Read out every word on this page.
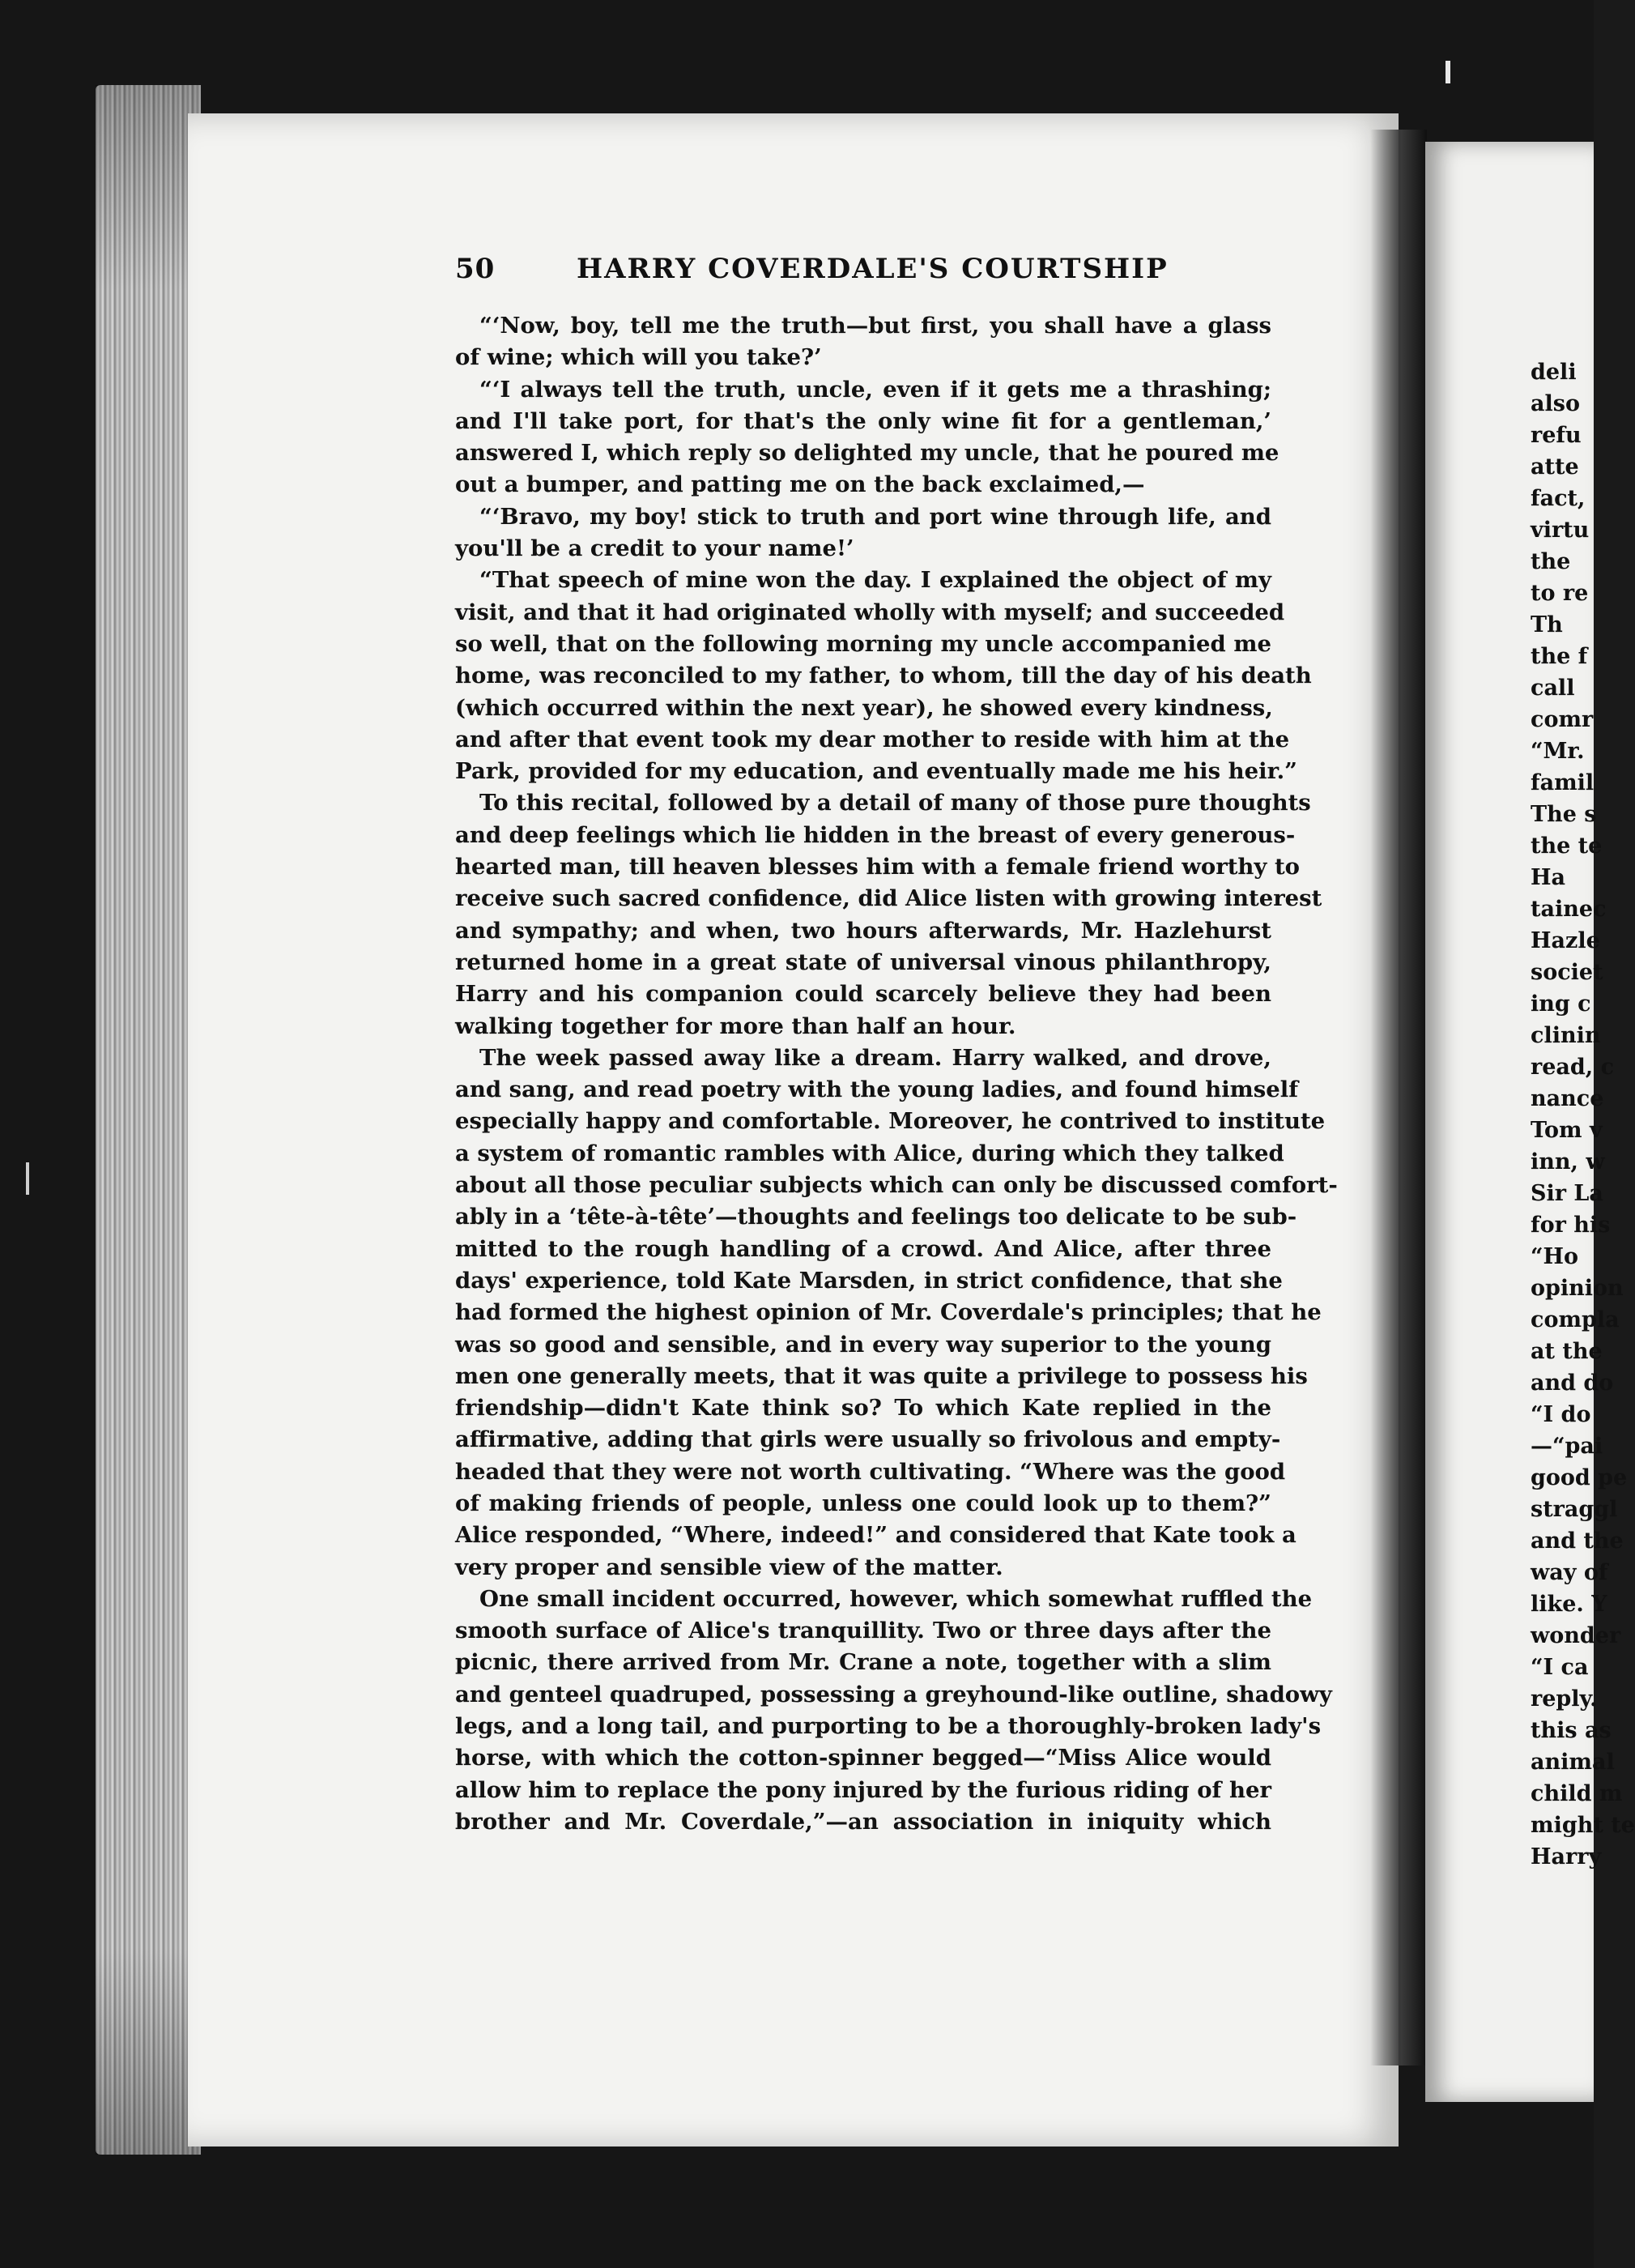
deli
also
refu
atte
fact,
virtu
the
to re
Th
the f
call
comr
“Mr.
famil
The s
the te
Ha
tainec
Hazle
societ
ing c
clinin
read, c
nance
Tom v
inn, w
Sir La
for his
“Ho
opinion
compla
at the
and do
“I do
—“pai
good pe
straggl
and the
way of
like. Y
wonder
“I ca
reply.
this as
animal
child m
might te
Harry
50	HARRY COVERDALE'S COURTSHIP
“‘Now, boy, tell me the truth—but first, you shall have a glass
of wine; which will you take?’
“‘I always tell the truth, uncle, even if it gets me a thrashing;
and I'll take port, for that's the only wine fit for a gentleman,’
answered I, which reply so delighted my uncle, that he poured me
out a bumper, and patting me on the back exclaimed,—
“‘Bravo, my boy! stick to truth and port wine through life, and
you'll be a credit to your name!’
“That speech of mine won the day. I explained the object of my
visit, and that it had originated wholly with myself; and succeeded
so well, that on the following morning my uncle accompanied me
home, was reconciled to my father, to whom, till the day of his death
(which occurred within the next year), he showed every kindness,
and after that event took my dear mother to reside with him at the
Park, provided for my education, and eventually made me his heir.”
To this recital, followed by a detail of many of those pure thoughts
and deep feelings which lie hidden in the breast of every generous-
hearted man, till heaven blesses him with a female friend worthy to
receive such sacred confidence, did Alice listen with growing interest
and sympathy; and when, two hours afterwards, Mr. Hazlehurst
returned home in a great state of universal vinous philanthropy,
Harry and his companion could scarcely believe they had been
walking together for more than half an hour.
The week passed away like a dream. Harry walked, and drove,
and sang, and read poetry with the young ladies, and found himself
especially happy and comfortable. Moreover, he contrived to institute
a system of romantic rambles with Alice, during which they talked
about all those peculiar subjects which can only be discussed comfort-
ably in a ‘tête-à-tête’—thoughts and feelings too delicate to be sub-
mitted to the rough handling of a crowd. And Alice, after three
days' experience, told Kate Marsden, in strict confidence, that she
had formed the highest opinion of Mr. Coverdale's principles; that he
was so good and sensible, and in every way superior to the young
men one generally meets, that it was quite a privilege to possess his
friendship—didn't Kate think so? To which Kate replied in the
affirmative, adding that girls were usually so frivolous and empty-
headed that they were not worth cultivating. “Where was the good
of making friends of people, unless one could look up to them?”
Alice responded, “Where, indeed!” and considered that Kate took a
very proper and sensible view of the matter.
One small incident occurred, however, which somewhat ruffled the
smooth surface of Alice's tranquillity. Two or three days after the
picnic, there arrived from Mr. Crane a note, together with a slim
and genteel quadruped, possessing a greyhound-like outline, shadowy
legs, and a long tail, and purporting to be a thoroughly-broken lady's
horse, with which the cotton-spinner begged—“Miss Alice would
allow him to replace the pony injured by the furious riding of her
brother and Mr. Coverdale,”—an association in iniquity which
